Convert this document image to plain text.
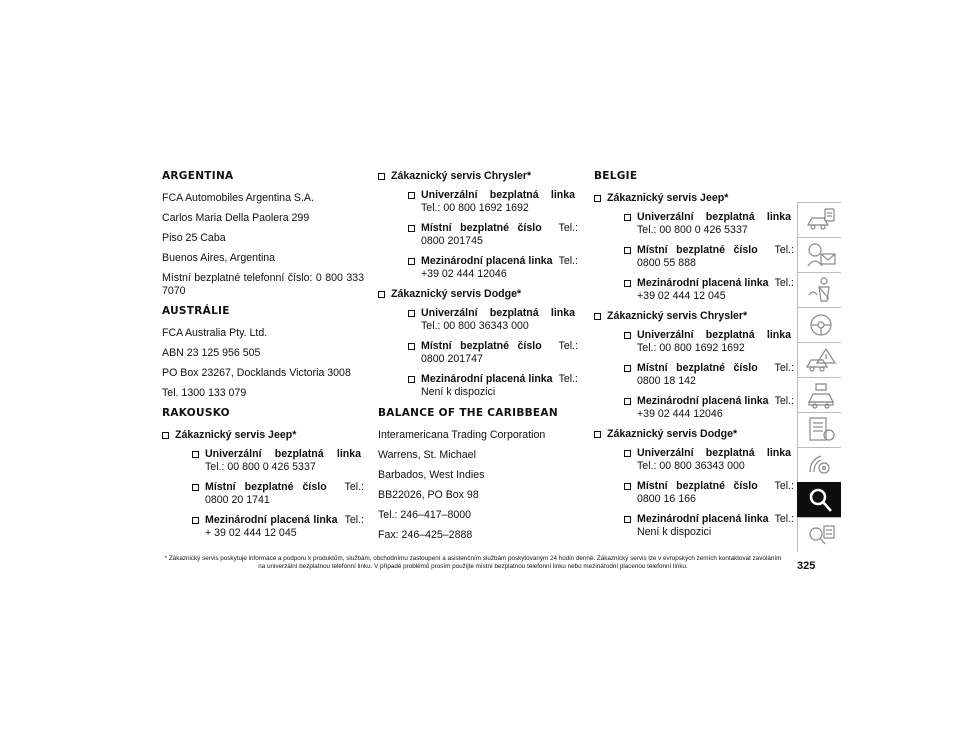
ARGENTINA

FCA Automobiles Argentina S.A.

Carlos Maria Della Paolera 299

Piso 25 Caba

Buenos Aires, Argentina

Místní bezplatné telefonní číslo: 0 800 333 7070

AUSTRÁLIE

FCA Australia Pty. Ltd.

ABN 23 125 956 505

PO Box 23267, Docklands Victoria 3008

Tel. 1300 133 079

RAKOUSKO
Zákaznický servis Jeep*
Univerzální bezplatná linka  Tel.: 00 800 0 426 5337
Místní bezplatné číslo Tel.: 0800 20 1741
Mezinárodní placená linka Tel.: + 39 02 444 12 045
Zákaznický servis Chrysler*
Univerzální bezplatná linka  Tel.: 00 800 1692 1692
Místní bezplatné číslo Tel.: 0800 201745
Mezinárodní placená linka Tel.: +39 02 444 12046
Zákaznický servis Dodge*
Univerzální bezplatná linka  Tel.: 00 800 36343 000
Místní bezplatné číslo Tel.: 0800 201747
Mezinárodní placená linka Tel.: Není k dispozici
BALANCE OF THE CARIBBEAN

Interamericana Trading Corporation

Warrens, St. Michael

Barbados, West Indies

BB22026, PO Box 98

Tel.: 246–417–8000

Fax: 246–425–2888

BELGIE
Zákaznický servis Jeep*
Univerzální bezplatná linka  Tel.: 00 800 0 426 5337
Místní bezplatné číslo Tel.: 0800 55 888
Mezinárodní placená linka Tel.: +39 02 444 12 045
Zákaznický servis Chrysler*
Univerzální bezplatná linka  Tel.: 00 800 1692 1692
Místní bezplatné číslo Tel.: 0800 18 142
Mezinárodní placená linka Tel.: +39 02 444 12046
Zákaznický servis Dodge*
Univerzální bezplatná linka  Tel.: 00 800 36343 000
Místní bezplatné číslo Tel.: 0800 16 166
Mezinárodní placená linka Tel.: Není k dispozici
* Zákaznický servis poskytuje informace a podporu k produktům, službám, obchodnímu zastoupení a asistenčním službám poskytovaným 24 hodin denně. Zákaznický servis lze v evropských zemích kontaktovat zavoláním na univerzální bezplatnou telefonní linku. V případě problémů prosím použijte místní bezplatnou telefonní linku nebo mezinárodní placenou telefonní linku.	325
